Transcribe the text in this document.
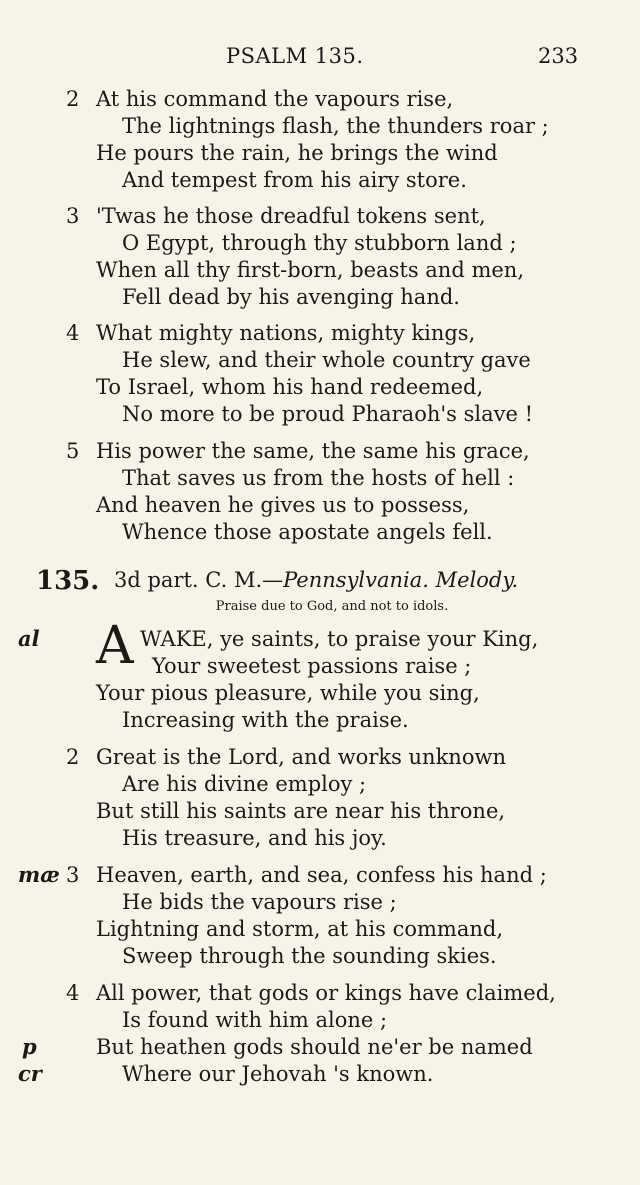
PSALM 135.	233
2 At his command the vapours rise,
The lightnings flash, the thunders roar ;
He pours the rain, he brings the wind
And tempest from his airy store.
3 'Twas he those dreadful tokens sent,
O Egypt, through thy stubborn land ;
When all thy first-born, beasts and men,
Fell dead by his avenging hand.
4 What mighty nations, mighty kings,
He slew, and their whole country gave
To Israel, whom his hand redeemed,
No more to be proud Pharaoh's slave !
5 His power the same, the same his grace,
That saves us from the hosts of hell :
And heaven he gives us to possess,
Whence those apostate angels fell.
135. 3d part. C. M.—Pennsylvania. Melody.
Praise due to God, and not to idols.
al A WAKE, ye saints, to praise your King,
Your sweetest passions raise ;
Your pious pleasure, while you sing,
Increasing with the praise.
2 Great is the Lord, and works unknown
Are his divine employ ;
But still his saints are near his throne,
His treasure, and his joy.
mæ 3 Heaven, earth, and sea, confess his hand ;
He bids the vapours rise ;
Lightning and storm, at his command,
Sweep through the sounding skies.
4 All power, that gods or kings have claimed,
Is found with him alone ;
p	But heathen gods should ne'er be named
cr	Where our Jehovah 's known.
